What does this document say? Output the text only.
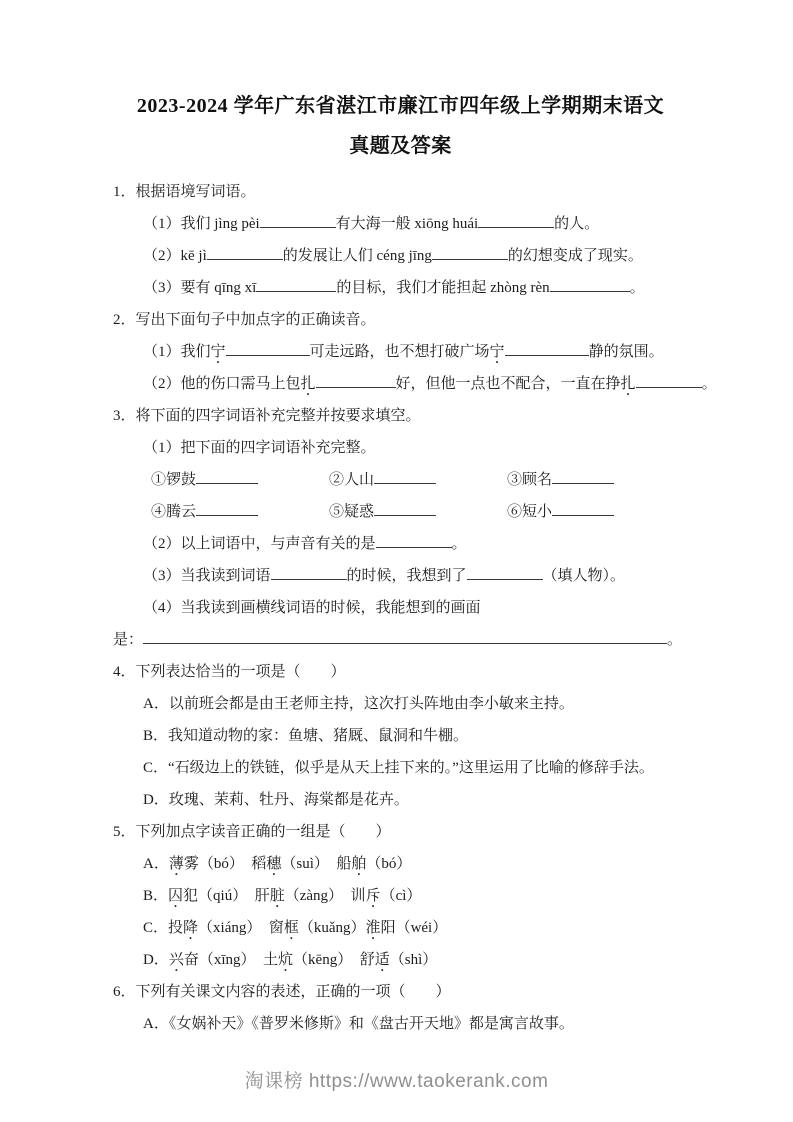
2023-2024 学年广东省湛江市廉江市四年级上学期期末语文
真题及答案
1．根据语境写词语。
（1）我们 jìng pèi	有大海一般 xiōng huái	的人。
（2）kē jì	的发展让人们 céng jīng	的幻想变成了现实。
（3）要有 qīng xī	的目标，我们才能担起 zhòng rèn	。
2．写出下面句子中加点字的正确读音。
（1）我们宁	可走远路，也不想打破广场宁	静的氛围。
（2）他的伤口需马上包扎	好，但他一点也不配合，一直在挣扎	。
3．将下面的四字词语补充完整并按要求填空。
（1）把下面的四字词语补充完整。
①锣鼓	②人山	③顾名
④腾云	⑤疑惑	⑥短小
（2）以上词语中，与声音有关的是	。
（3）当我读到词语	的时候，我想到了	（填人物）。
（4）当我读到画横线词语的时候，我能想到的画面
是：	。
4．下列表达恰当的一项是（　　）
A．以前班会都是由王老师主持，这次打头阵地由李小敏来主持。
B．我知道动物的家：鱼塘、猪厩、鼠洞和牛棚。
C．“石级边上的铁链，似乎是从天上挂下来的。”这里运用了比喻的修辞手法。
D．玫瑰、茉莉、牡丹、海棠都是花卉。
5．下列加点字读音正确的一组是（　　）
A．薄雾（bó）　稻穗（suì）　船舶（bó）
B．囚犯（qiú）　肝脏（zàng）　训斥（cì）
C．投降（xiáng）　窗框（kuǎng）淮阳（wéi）
D．兴奋（xīng）　土炕（kēng）　舒适（shì）
6．下列有关课文内容的表述，正确的一项（　　）
A．《女娲补天》《普罗米修斯》和《盘古开天地》都是寓言故事。
淘课榜 https://www.taokerank.com
